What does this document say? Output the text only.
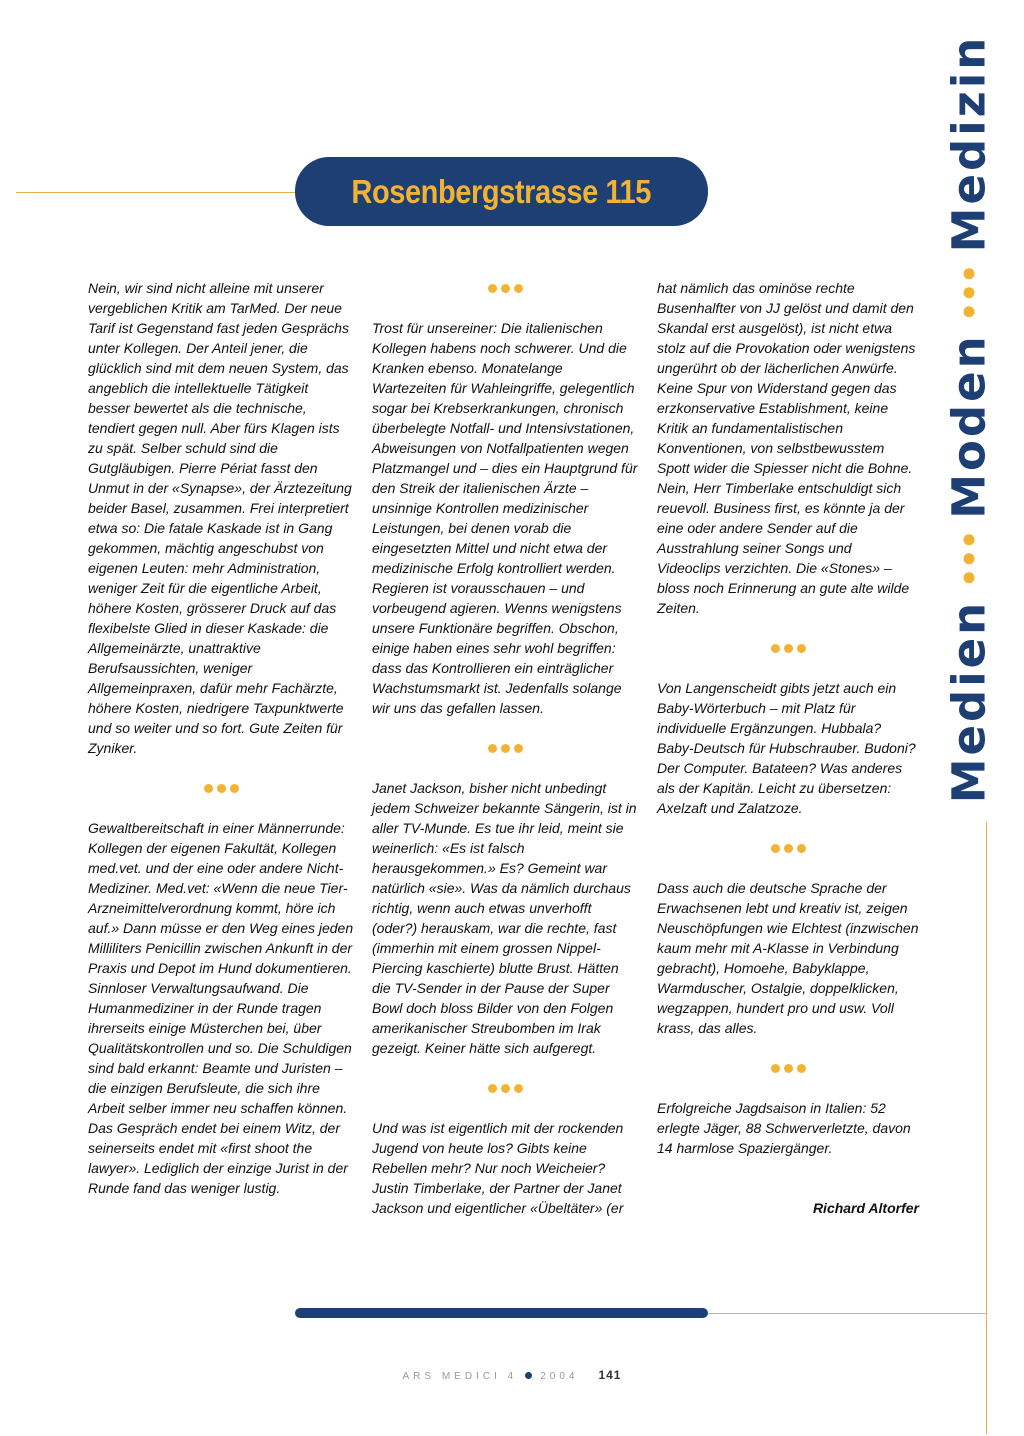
Rosenbergstrasse 115
Medien
Moden
Medizin

Nein, wir sind nicht alleine mit unserer vergeblichen Kritik am TarMed. Der neue Tarif ist Gegenstand fast jeden Gesprächs unter Kollegen. Der Anteil jener, die glücklich sind mit dem neuen System, das angeblich die intellektuelle Tätigkeit besser bewertet als die technische, tendiert gegen null. Aber fürs Klagen ists zu spät. Selber schuld sind die Gutgläubigen. Pierre Périat fasst den Unmut in der «Synapse», der Ärztezeitung beider Basel, zusammen. Frei interpretiert etwa so: Die fatale Kaskade ist in Gang gekommen, mächtig angeschubst von eigenen Leuten: mehr Administration, weniger Zeit für die eigentliche Arbeit, höhere Kosten, grösserer Druck auf das flexibelste Glied in dieser Kaskade: die Allgemeinärzte, unattraktive Berufsaussichten, weniger Allgemeinpraxen, dafür mehr Fachärzte, höhere Kosten, niedrigere Taxpunktwerte und so weiter und so fort. Gute Zeiten für Zyniker.

Gewaltbereitschaft in einer Männerrunde: Kollegen der eigenen Fakultät, Kollegen med.vet. und der eine oder andere Nicht-Mediziner. Med.vet: «Wenn die neue Tier-Arzneimittelverordnung kommt, höre ich auf.» Dann müsse er den Weg eines jeden Milliliters Penicillin zwischen Ankunft in der Praxis und Depot im Hund dokumentieren. Sinnloser Verwaltungsaufwand. Die Humanmediziner in der Runde tragen ihrerseits einige Müsterchen bei, über Qualitätskontrollen und so. Die Schuldigen sind bald erkannt: Beamte und Juristen – die einzigen Berufsleute, die sich ihre Arbeit selber immer neu schaffen können. Das Gespräch endet bei einem Witz, der seinerseits endet mit «first shoot the lawyer». Lediglich der einzige Jurist in der Runde fand das weniger lustig.

Trost für unsereiner: Die italienischen Kollegen habens noch schwerer. Und die Kranken ebenso. Monatelange Wartezeiten für Wahleingriffe, gelegentlich sogar bei Krebserkrankungen, chronisch überbelegte Notfall- und Intensivstationen, Abweisungen von Notfallpatienten wegen Platzmangel und – dies ein Hauptgrund für den Streik der italienischen Ärzte – unsinnige Kontrollen medizinischer Leistungen, bei denen vorab die eingesetzten Mittel und nicht etwa der medizinische Erfolg kontrolliert werden. Regieren ist vorausschauen – und vorbeugend agieren. Wenns wenigstens unsere Funktionäre begriffen. Obschon, einige haben eines sehr wohl begriffen: dass das Kontrollieren ein einträglicher Wachstumsmarkt ist. Jedenfalls solange wir uns das gefallen lassen.

Janet Jackson, bisher nicht unbedingt jedem Schweizer bekannte Sängerin, ist in aller TV-Munde. Es tue ihr leid, meint sie weinerlich: «Es ist falsch herausgekommen.» Es? Gemeint war natürlich «sie». Was da nämlich durchaus richtig, wenn auch etwas unverhofft (oder?) herauskam, war die rechte, fast (immerhin mit einem grossen Nippel-Piercing kaschierte) blutte Brust. Hätten die TV-Sender in der Pause der Super Bowl doch bloss Bilder von den Folgen amerikanischer Streubomben im Irak gezeigt. Keiner hätte sich aufgeregt.

Und was ist eigentlich mit der rockenden Jugend von heute los? Gibts keine Rebellen mehr? Nur noch Weicheier? Justin Timberlake, der Partner der Janet Jackson und eigentlicher «Übeltäter» (er

hat nämlich das ominöse rechte Busenhalfter von JJ gelöst und damit den Skandal erst ausgelöst), ist nicht etwa stolz auf die Provokation oder wenigstens ungerührt ob der lächerlichen Anwürfe. Keine Spur von Widerstand gegen das erzkonservative Establishment, keine Kritik an fundamentalistischen Konventionen, von selbstbewusstem Spott wider die Spiesser nicht die Bohne. Nein, Herr Timberlake entschuldigt sich reuevoll. Business first, es könnte ja der eine oder andere Sender auf die Ausstrahlung seiner Songs und Videoclips verzichten. Die «Stones» – bloss noch Erinnerung an gute alte wilde Zeiten.

Von Langenscheidt gibts jetzt auch ein Baby-Wörterbuch – mit Platz für individuelle Ergänzungen. Hubbala? Baby-Deutsch für Hubschrauber. Budoni? Der Computer. Batateen? Was anderes als der Kapitän. Leicht zu übersetzen: Axelzaft und Zalatzoze.

Dass auch die deutsche Sprache der Erwachsenen lebt und kreativ ist, zeigen Neuschöpfungen wie Elchtest (inzwischen kaum mehr mit A-Klasse in Verbindung gebracht), Homoehe, Babyklappe, Warmduscher, Ostalgie, doppelklicken, wegzappen, hundert pro und usw. Voll krass, das alles.

Erfolgreiche Jagdsaison in Italien: 52 erlegte Jäger, 88 Schwerverletzte, davon 14 harmlose Spaziergänger.

Richard Altorfer

ARS MEDICI 4 2004 141
